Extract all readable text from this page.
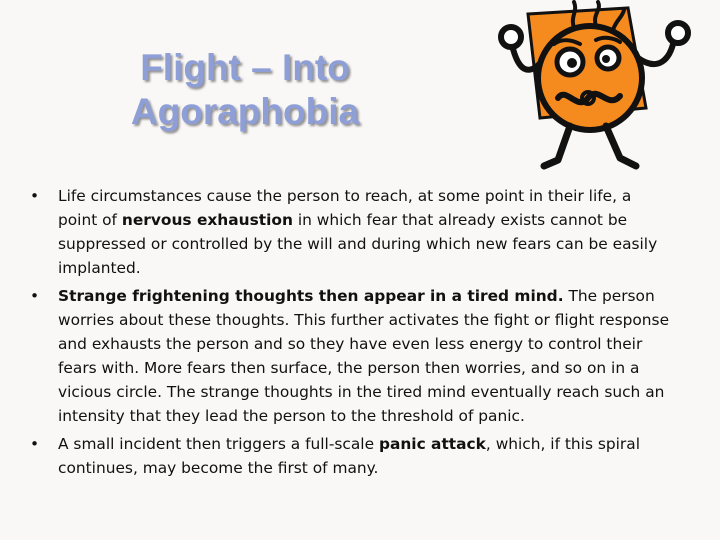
Flight – Into
Agoraphobia
• Life circumstances cause the person to reach, at some point in their life, a point of nervous exhaustion in which fear that already exists cannot be suppressed or controlled by the will and during which new fears can be easily implanted.
• Strange frightening thoughts then appear in a tired mind. The person worries about these thoughts. This further activates the fight or flight response and exhausts the person and so they have even less energy to control their fears with. More fears then surface, the person then worries, and so on in a vicious circle. The strange thoughts in the tired mind eventually reach such an intensity that they lead the person to the threshold of panic.
• A small incident then triggers a full-scale panic attack, which, if this spiral continues, may become the first of many.
